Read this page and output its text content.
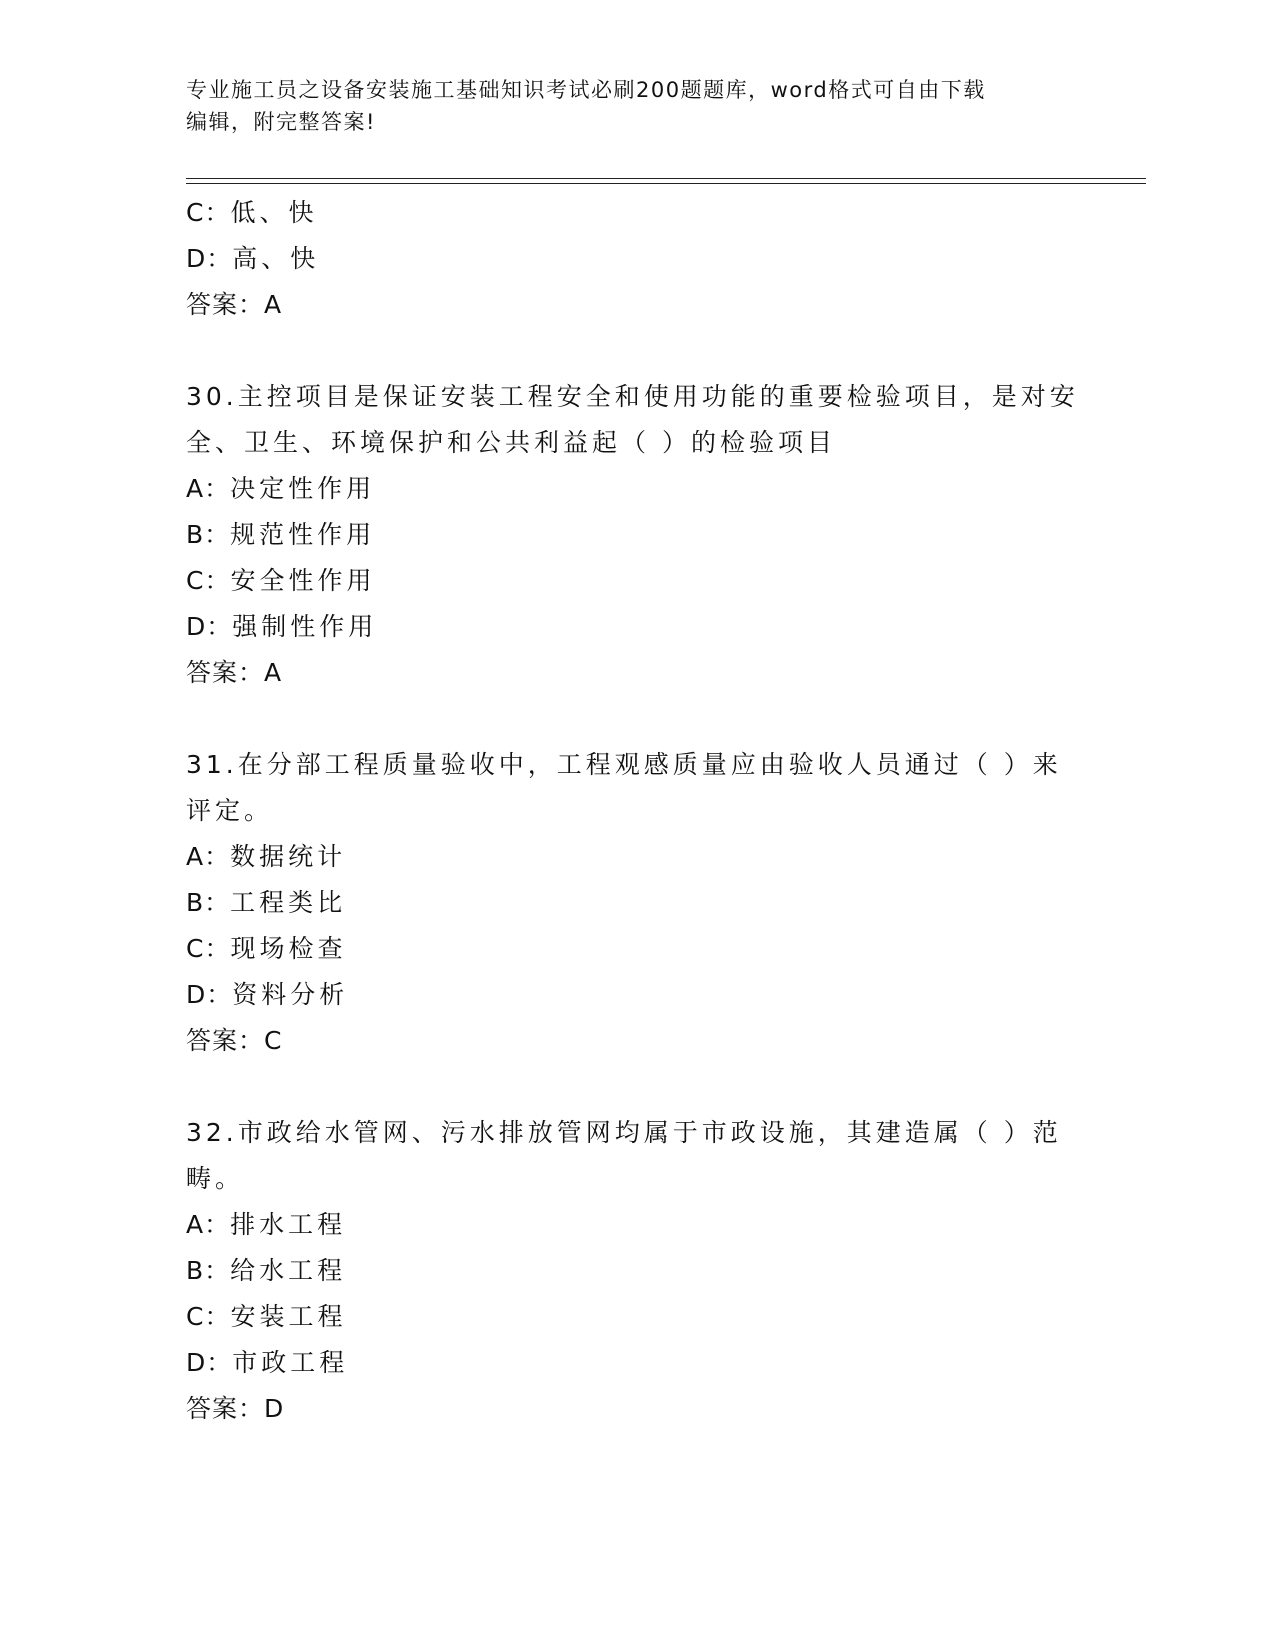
专业施工员之设备安装施工基础知识考试必刷200题题库，word格式可自由下载
编辑，附完整答案!
C：低、快
D：高、快
答案：A
30.主控项目是保证安装工程安全和使用功能的重要检验项目，是对安
全、卫生、环境保护和公共利益起（ ）的检验项目
A：决定性作用
B：规范性作用
C：安全性作用
D：强制性作用
答案：A
31.在分部工程质量验收中，工程观感质量应由验收人员通过（ ）来
评定。
A：数据统计
B：工程类比
C：现场检查
D：资料分析
答案：C
32.市政给水管网、污水排放管网均属于市政设施，其建造属（ ）范
畴。
A：排水工程
B：给水工程
C：安装工程
D：市政工程
答案：D
